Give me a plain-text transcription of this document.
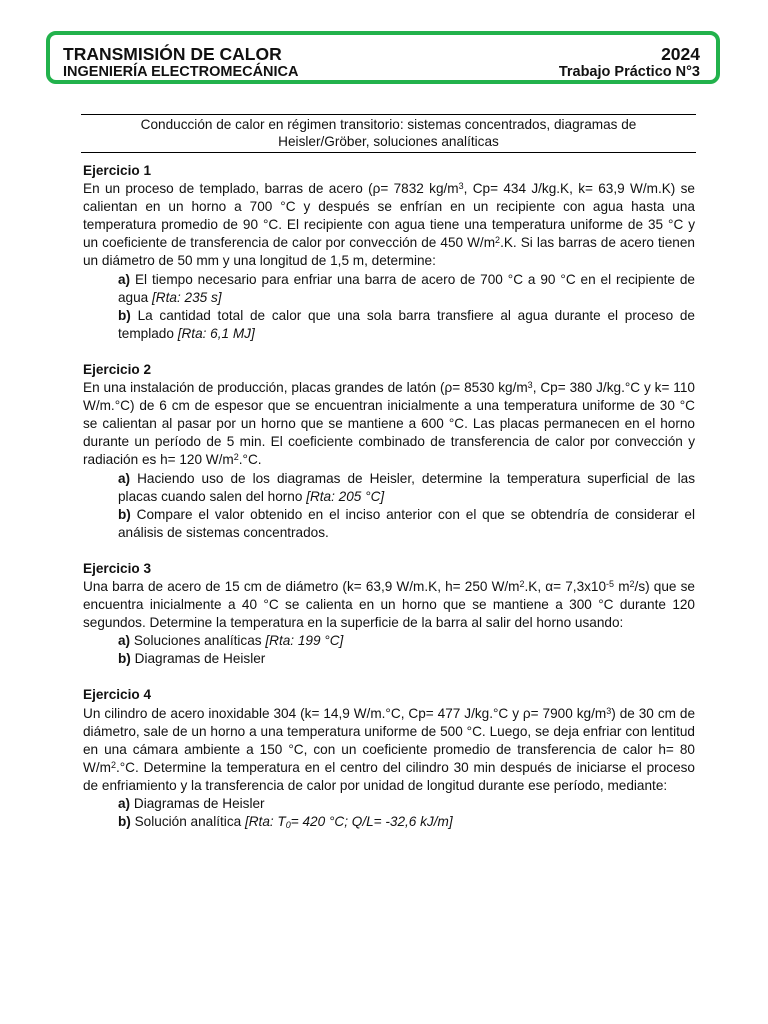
TRANSMISIÓN DE CALOR	2024
INGENIERÍA ELECTROMECÁNICA	Trabajo Práctico N°3
Conducción de calor en régimen transitorio: sistemas concentrados, diagramas de
Heisler/Gröber, soluciones analíticas
Ejercicio 1
En un proceso de templado, barras de acero (ρ= 7832 $kg/m^3$, Cp= 434 J/kg.K, k= 63,9 W/m.K) se calientan en un horno a 700 °C y después se enfrían en un recipiente con agua hasta una temperatura promedio de 90 °C. El recipiente con agua tiene una temperatura uniforme de 35 °C y un coeficiente de transferencia de calor por convección de 450 $W/m^2.K$. Si las barras de acero tienen un diámetro de 50 mm y una longitud de 1,5 m, determine:
a) El tiempo necesario para enfriar una barra de acero de 700 °C a 90 °C en el recipiente de agua [Rta: 235 s]
b) La cantidad total de calor que una sola barra transfiere al agua durante el proceso de templado [Rta: 6,1 MJ]
Ejercicio 2
En una instalación de producción, placas grandes de latón (ρ= 8530 $kg/m^3$, Cp= 380 J/kg.°C y k= 110 W/m.°C) de 6 cm de espesor que se encuentran inicialmente a una temperatura uniforme de 30 °C se calientan al pasar por un horno que se mantiene a 600 °C. Las placas permanecen en el horno durante un período de 5 min. El coeficiente combinado de transferencia de calor por convección y radiación es h= 120 $W/m^2.^\circ C$.
a) Haciendo uso de los diagramas de Heisler, determine la temperatura superficial de las placas cuando salen del horno [Rta: 205 °C]
b) Compare el valor obtenido en el inciso anterior con el que se obtendría de considerar el análisis de sistemas concentrados.
Ejercicio 3
Una barra de acero de 15 cm de diámetro (k= 63,9 W/m.K, h= 250 $W/m^2.K$, $\alpha= 7,3x10^{-5}$ $m^2/s$) que se encuentra inicialmente a 40 °C se calienta en un horno que se mantiene a 300 °C durante 120 segundos. Determine la temperatura en la superficie de la barra al salir del horno usando:
a) Soluciones analíticas [Rta: 199 °C]
b) Diagramas de Heisler
Ejercicio 4
Un cilindro de acero inoxidable 304 (k= 14,9 W/m.°C, Cp= 477 J/kg.°C y ρ= 7900 $kg/m^3$) de 30 cm de diámetro, sale de un horno a una temperatura uniforme de 500 °C. Luego, se deja enfriar con lentitud en una cámara ambiente a 150 °C, con un coeficiente promedio de transferencia de calor h= 80 $W/m^2.^\circ C$. Determine la temperatura en el centro del cilindro 30 min después de iniciarse el proceso de enfriamiento y la transferencia de calor por unidad de longitud durante ese período, mediante:
a) Diagramas de Heisler
b) Solución analítica [Rta: $T_0= 420$ °C; Q/L= -32,6 kJ/m]
